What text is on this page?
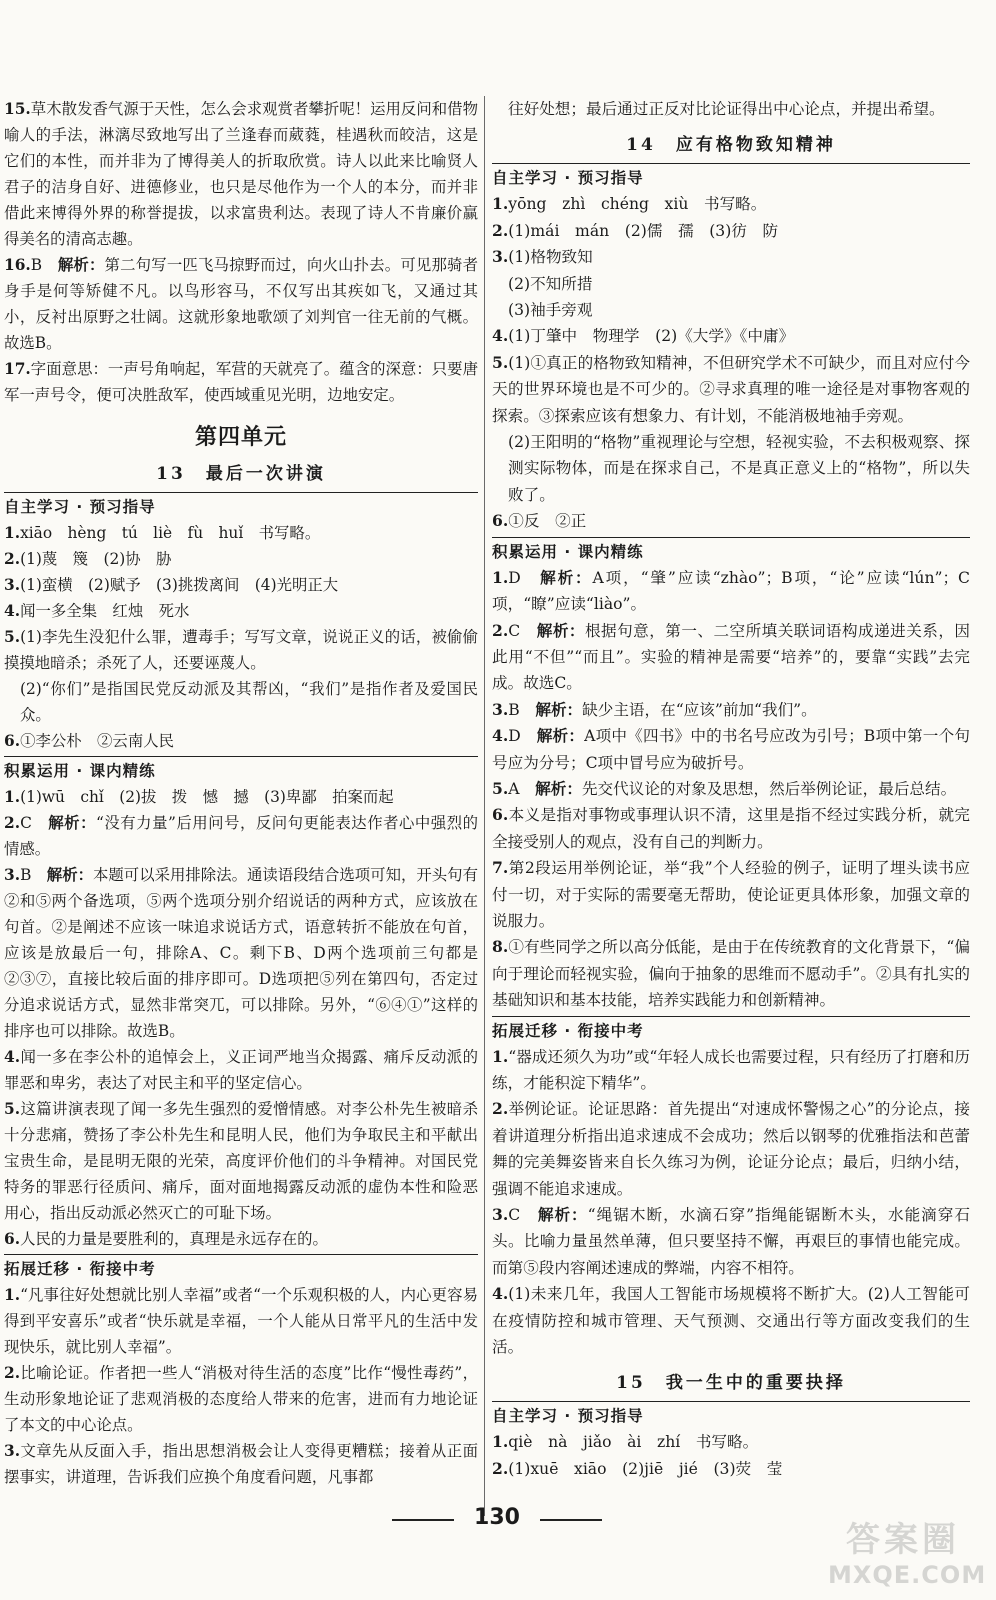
15.草木散发香气源于天性，怎么会求观赏者攀折呢！运用反问和借物喻人的手法，淋漓尽致地写出了兰逢春而葳蕤，桂遇秋而皎洁，这是它们的本性，而并非为了博得美人的折取欣赏。诗人以此来比喻贤人君子的洁身自好、进德修业，也只是尽他作为一个人的本分，而并非借此来博得外界的称誉提拔，以求富贵利达。表现了诗人不肯廉价赢得美名的清高志趣。

16.B　解析：第二句写一匹飞马掠野而过，向火山扑去。可见那骑者身手是何等矫健不凡。以鸟形容马，不仅写出其疾如飞，又通过其小，反衬出原野之壮阔。这就形象地歌颂了刘判官一往无前的气概。故选B。

17.字面意思：一声号角响起，军营的天就亮了。蕴含的深意：只要唐军一声号令，便可决胜敌军，使西域重见光明，边地安定。

第四单元
13　最后一次讲演
自主学习 · 预习指导

1.xiāo　hèng　tú　liè　fù　huǐ　书写略。

2.(1)蔑　篾　(2)协　胁

3.(1)蛮横　(2)赋予　(3)挑拨离间　(4)光明正大

4.闻一多全集　红烛　死水

5.(1)李先生没犯什么罪，遭毒手；写写文章，说说正义的话，被偷偷摸摸地暗杀；杀死了人，还要诬蔑人。

(2)“你们”是指国民党反动派及其帮凶，“我们”是指作者及爱国民众。

6.①李公朴　②云南人民

积累运用 · 课内精练

1.(1)wū　chǐ　(2)拔　拨　憾　撼　(3)卑鄙　拍案而起

2.C　解析：“没有力量”后用问号，反问句更能表达作者心中强烈的情感。

3.B　解析：本题可以采用排除法。通读语段结合选项可知，开头句有②和⑤两个备选项，⑤两个选项分别介绍说话的两种方式，应该放在句首。②是阐述不应该一味追求说话方式，语意转折不能放在句首，应该是放最后一句，排除A、C。剩下B、D两个选项前三句都是②③⑦，直接比较后面的排序即可。D选项把⑤列在第四句，否定过分追求说话方式，显然非常突兀，可以排除。另外，“⑥④①”这样的排序也可以排除。故选B。

4.闻一多在李公朴的追悼会上，义正词严地当众揭露、痛斥反动派的罪恶和卑劣，表达了对民主和平的坚定信心。

5.这篇讲演表现了闻一多先生强烈的爱憎情感。对李公朴先生被暗杀十分悲痛，赞扬了李公朴先生和昆明人民，他们为争取民主和平献出宝贵生命，是昆明无限的光荣，高度评价他们的斗争精神。对国民党特务的罪恶行径质问、痛斥，面对面地揭露反动派的虚伪本性和险恶用心，指出反动派必然灭亡的可耻下场。

6.人民的力量是要胜利的，真理是永远存在的。

拓展迁移 · 衔接中考

1.“凡事往好处想就比别人幸福”或者“一个乐观积极的人，内心更容易得到平安喜乐”或者“快乐就是幸福，一个人能从日常平凡的生活中发现快乐，就比别人幸福”。

2.比喻论证。作者把一些人“消极对待生活的态度”比作“慢性毒药”，生动形象地论证了悲观消极的态度给人带来的危害，进而有力地论证了本文的中心论点。

3.文章先从反面入手，指出思想消极会让人变得更糟糕；接着从正面摆事实，讲道理，告诉我们应换个角度看问题，凡事都

往好处想；最后通过正反对比论证得出中心论点，并提出希望。

14　应有格物致知精神
自主学习 · 预习指导

1.yōng　zhì　chéng　xiù　书写略。

2.(1)mái　mán　(2)儒　孺　(3)彷　防

3.(1)格物致知

(2)不知所措

(3)袖手旁观

4.(1)丁肇中　物理学　(2)《大学》《中庸》

5.(1)①真正的格物致知精神，不但研究学术不可缺少，而且对应付今天的世界环境也是不可少的。②寻求真理的唯一途径是对事物客观的探索。③探索应该有想象力、有计划，不能消极地袖手旁观。

(2)王阳明的“格物”重视理论与空想，轻视实验，不去积极观察、探测实际物体，而是在探求自己，不是真正意义上的“格物”，所以失败了。

6.①反　②正

积累运用 · 课内精练

1.D　解析：A项，“肇”应读“zhào”；B项，“论”应读“lún”；C项，“瞭”应读“liào”。

2.C　解析：根据句意，第一、二空所填关联词语构成递进关系，因此用“不但”“而且”。实验的精神是需要“培养”的，要靠“实践”去完成。故选C。

3.B　解析：缺少主语，在“应该”前加“我们”。

4.D　解析：A项中《四书》中的书名号应改为引号；B项中第一个句号应为分号；C项中冒号应为破折号。

5.A　解析：先交代议论的对象及思想，然后举例论证，最后总结。

6.本义是指对事物或事理认识不清，这里是指不经过实践分析，就完全接受别人的观点，没有自己的判断力。

7.第2段运用举例论证，举“我”个人经验的例子，证明了埋头读书应付一切，对于实际的需要毫无帮助，使论证更具体形象，加强文章的说服力。

8.①有些同学之所以高分低能，是由于在传统教育的文化背景下，“偏向于理论而轻视实验，偏向于抽象的思维而不愿动手”。②具有扎实的基础知识和基本技能，培养实践能力和创新精神。

拓展迁移 · 衔接中考

1.“器成还须久为功”或“年轻人成长也需要过程，只有经历了打磨和历练，才能积淀下精华”。

2.举例论证。论证思路：首先提出“对速成怀警惕之心”的分论点，接着讲道理分析指出追求速成不会成功；然后以钢琴的优雅指法和芭蕾舞的完美舞姿皆来自长久练习为例，论证分论点；最后，归纳小结，强调不能追求速成。

3.C　解析：“绳锯木断，水滴石穿”指绳能锯断木头，水能滴穿石头。比喻力量虽然单薄，但只要坚持不懈，再艰巨的事情也能完成。而第⑤段内容阐述速成的弊端，内容不相符。

4.(1)未来几年，我国人工智能市场规模将不断扩大。(2)人工智能可在疫情防控和城市管理、天气预测、交通出行等方面改变我们的生活。

15　我一生中的重要抉择
自主学习 · 预习指导

1.qiè　nà　jiǎo　ài　zhí　书写略。

2.(1)xuē　xiāo　(2)jiē　jié　(3)荧　莹

130
答案圈
MXQE.COM
